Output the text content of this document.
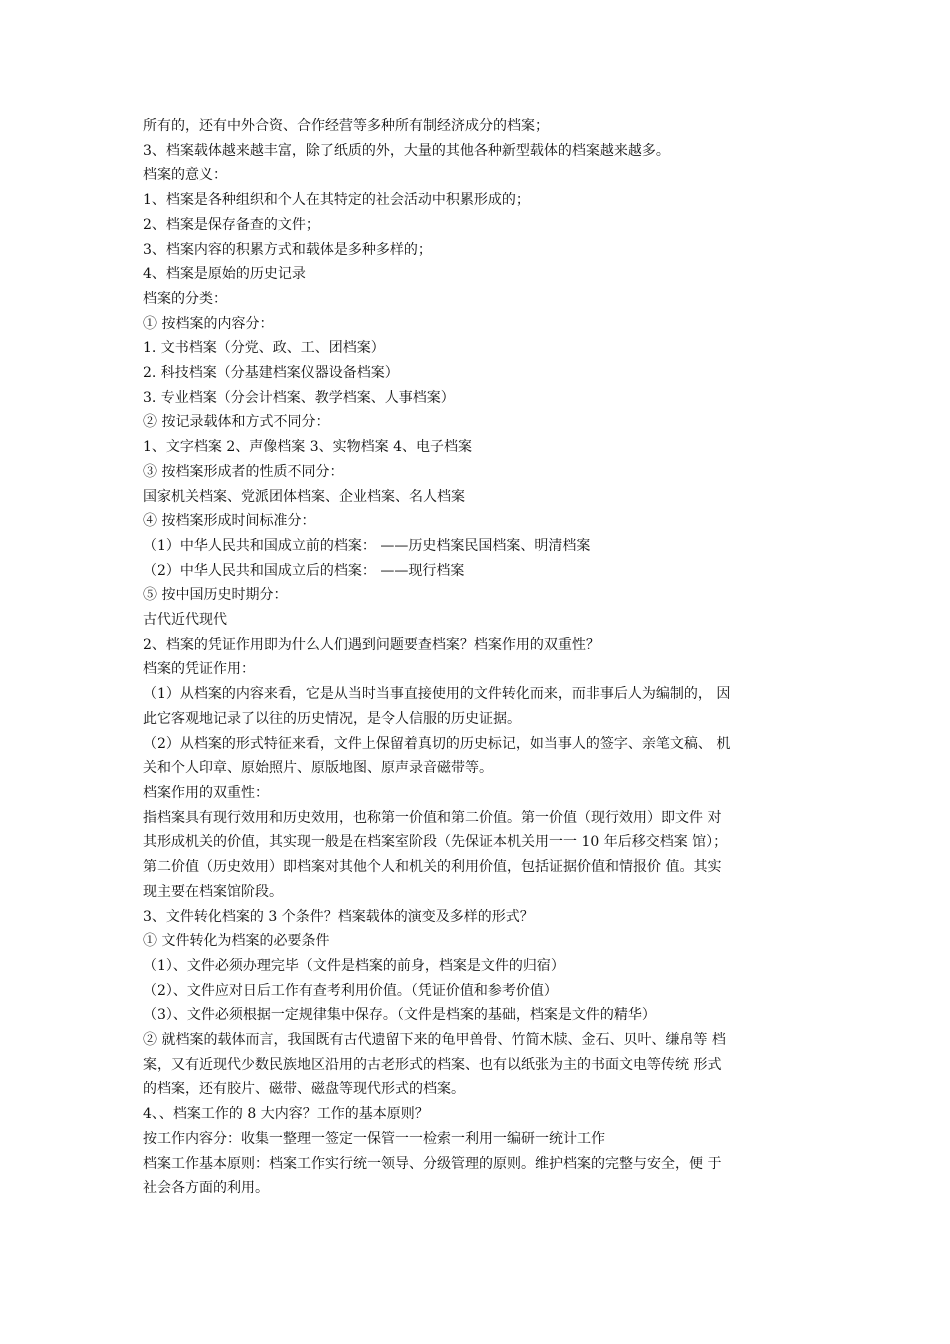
所有的，还有中外合资、合作经营等多种所有制经济成分的档案；
3、档案载体越来越丰富，除了纸质的外，大量的其他各种新型载体的档案越来越多。
档案的意义：
1、档案是各种组织和个人在其特定的社会活动中积累形成的；
2、档案是保存备查的文件；
3、档案内容的积累方式和载体是多种多样的；
4、档案是原始的历史记录
档案的分类：
① 按档案的内容分：
1. 文书档案（分党、政、工、团档案）
2. 科技档案（分基建档案仪器设备档案）
3. 专业档案（分会计档案、教学档案、人事档案）
② 按记录载体和方式不同分：
1、文字档案 2、声像档案 3、实物档案 4、电子档案
③ 按档案形成者的性质不同分：
国家机关档案、党派团体档案、企业档案、名人档案
④ 按档案形成时间标准分：
（1）中华人民共和国成立前的档案： ——历史档案民国档案、明清档案
（2）中华人民共和国成立后的档案： ——现行档案
⑤ 按中国历史时期分：
古代近代现代
2、档案的凭证作用即为什么人们遇到问题要查档案？档案作用的双重性？
档案的凭证作用：
（1）从档案的内容来看，它是从当时当事直接使用的文件转化而来，而非事后人为编制的， 因
此它客观地记录了以往的历史情况，是令人信服的历史证据。
（2）从档案的形式特征来看，文件上保留着真切的历史标记，如当事人的签字、亲笔文稿、 机
关和个人印章、原始照片、原版地图、原声录音磁带等。
档案作用的双重性：
指档案具有现行效用和历史效用，也称第一价值和第二价值。第一价值（现行效用）即文件 对
其形成机关的价值，其实现一般是在档案室阶段（先保证本机关用一一 10 年后移交档案 馆）；
第二价值（历史效用）即档案对其他个人和机关的利用价值，包括证据价值和情报价 值。其实
现主要在档案馆阶段。
3、文件转化档案的 3 个条件？档案载体的演变及多样的形式？
① 文件转化为档案的必要条件
（1）、文件必须办理完毕（文件是档案的前身，档案是文件的归宿）
（2）、文件应对日后工作有查考利用价值。（凭证价值和参考价值）
（3）、文件必须根据一定规律集中保存。（文件是档案的基础，档案是文件的精华）
② 就档案的载体而言，我国既有古代遗留下来的龟甲兽骨、竹简木牍、金石、贝叶、缣帛等 档
案，又有近现代少数民族地区沿用的古老形式的档案、也有以纸张为主的书面文电等传统 形式
的档案，还有胶片、磁带、磁盘等现代形式的档案。
4、、档案工作的 8 大内容？工作的基本原则？
按工作内容分：收集一整理一签定一保管一一检索一利用一编研一统计工作
档案工作基本原则：档案工作实行统一领导、分级管理的原则。维护档案的完整与安全，便 于
社会各方面的利用。
